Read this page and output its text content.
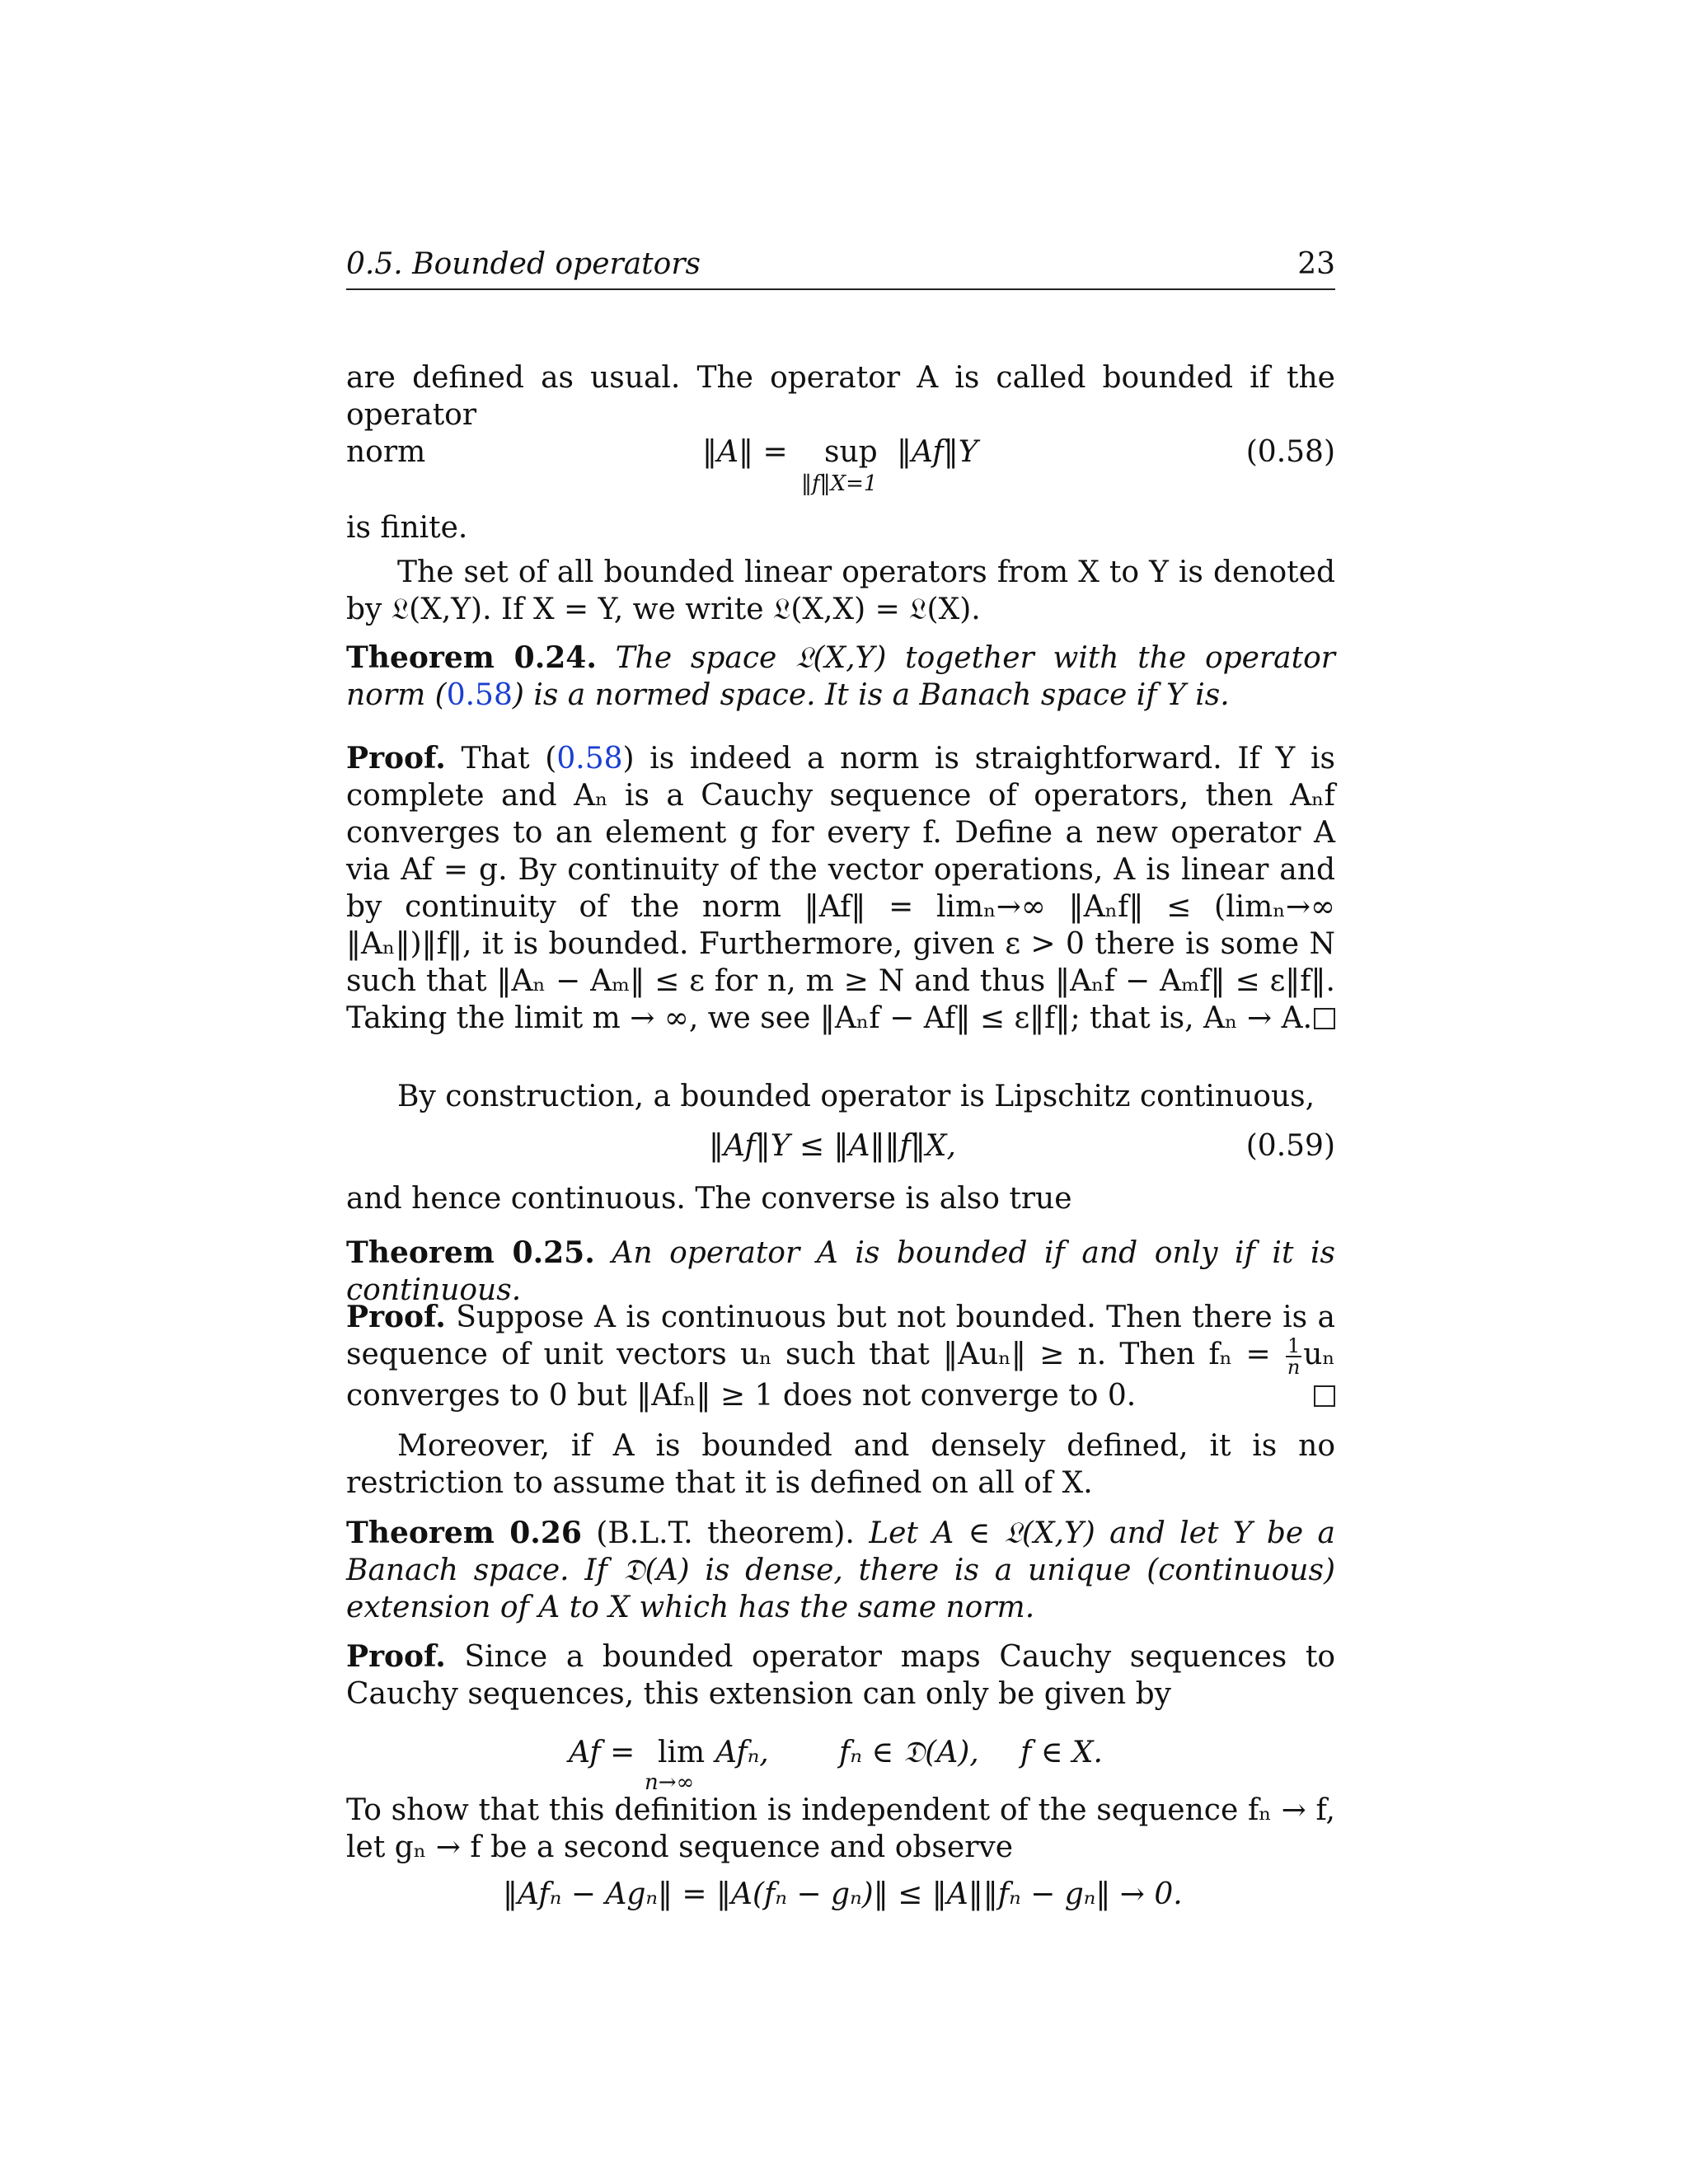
0.5. Bounded operators	23

are defined as usual. The operator A is called bounded if the operator

norm	‖A‖ = sup
‖f‖X=1
‖Af‖Y	(0.58)

is finite.

The set of all bounded linear operators from X to Y is denoted by 𝔏(X,Y). If X = Y, we write 𝔏(X,X) = 𝔏(X).

Theorem 0.24. The space 𝔏(X,Y) together with the operator norm (0.58) is a normed space. It is a Banach space if Y is.

Proof. That (0.58) is indeed a norm is straightforward. If Y is complete and Aₙ is a Cauchy sequence of operators, then Aₙf converges to an element g for every f. Define a new operator A via Af = g. By continuity of the vector operations, A is linear and by continuity of the norm ‖Af‖ = limₙ→∞ ‖Aₙf‖ ≤ (limₙ→∞ ‖Aₙ‖)‖f‖, it is bounded. Furthermore, given ε > 0 there is some N such that ‖Aₙ − Aₘ‖ ≤ ε for n, m ≥ N and thus ‖Aₙf − Aₘf‖ ≤ ε‖f‖. Taking the limit m → ∞, we see ‖Aₙf − Af‖ ≤ ε‖f‖; that is, Aₙ → A.

By construction, a bounded operator is Lipschitz continuous,

‖Af‖Y ≤ ‖A‖‖f‖X,	(0.59)

and hence continuous. The converse is also true

Theorem 0.25. An operator A is bounded if and only if it is continuous.

Proof. Suppose A is continuous but not bounded. Then there is a sequence of unit vectors uₙ such that ‖Auₙ‖ ≥ n. Then $f_n = \frac{1}{n}$ uₙ converges to 0 but ‖Afₙ‖ ≥ 1 does not converge to 0.

Moreover, if A is bounded and densely defined, it is no restriction to assume that it is defined on all of X.

Theorem 0.26 (B.L.T. theorem). Let A ∈ 𝔏(X,Y) and let Y be a Banach space. If 𝔇(A) is dense, there is a unique (continuous) extension of A to X which has the same norm.

Proof. Since a bounded operator maps Cauchy sequences to Cauchy sequences, this extension can only be given by

Af = lim
n→∞
Afₙ, fₙ ∈ 𝔇(A), f ∈ X.

To show that this definition is independent of the sequence fₙ → f, let gₙ → f be a second sequence and observe

‖Afₙ − Agₙ‖ = ‖A(fₙ − gₙ)‖ ≤ ‖A‖‖fₙ − gₙ‖ → 0.
